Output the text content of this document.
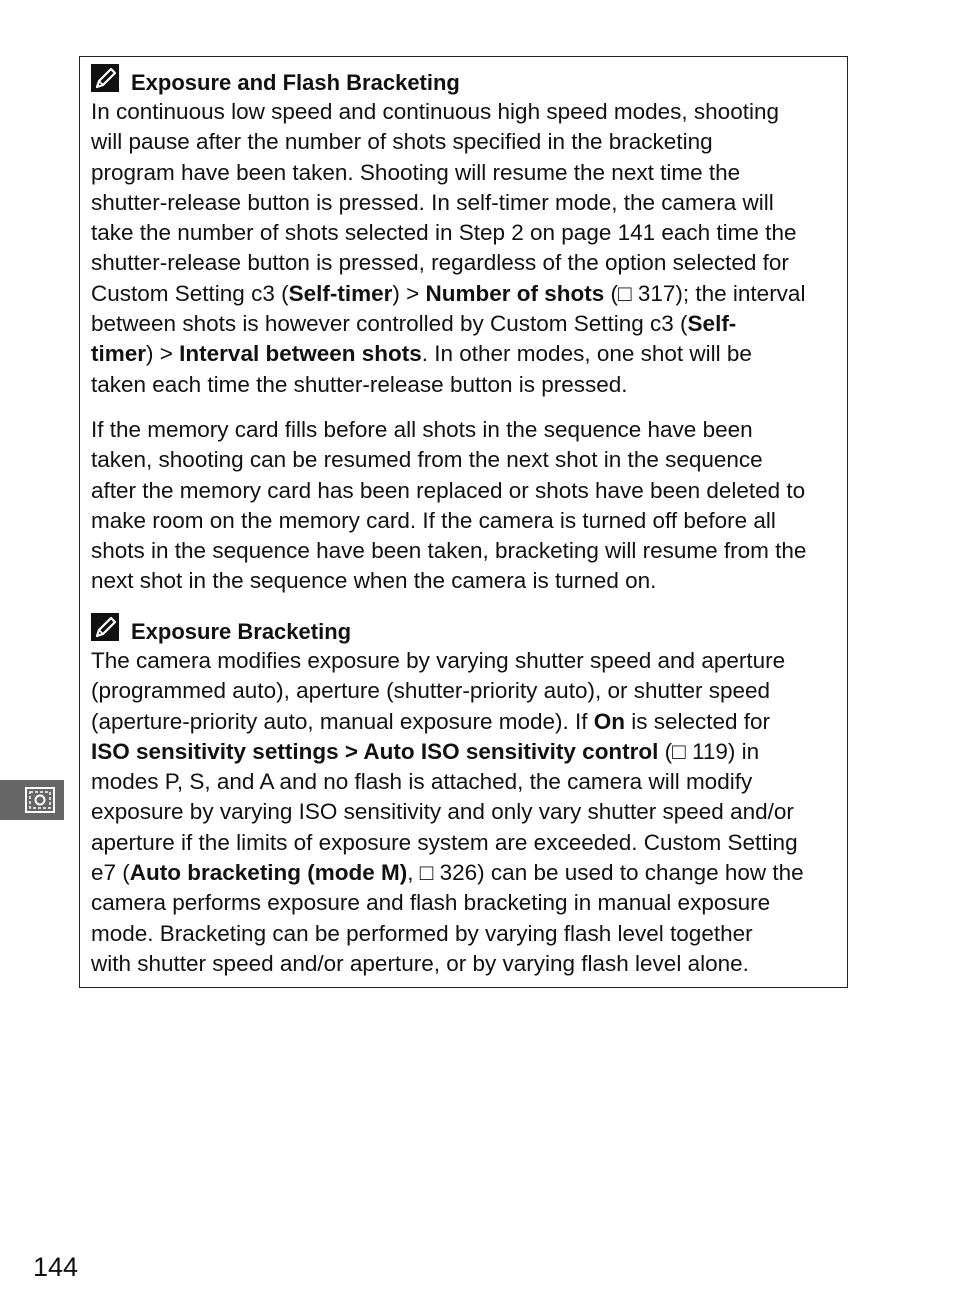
Exposure and Flash Bracketing

In continuous low speed and continuous high speed modes, shooting
will pause after the number of shots specified in the bracketing
program have been taken. Shooting will resume the next time the
shutter-release button is pressed. In self-timer mode, the camera will
take the number of shots selected in Step 2 on page 141 each time the
shutter-release button is pressed, regardless of the option selected for
Custom Setting c3 (Self-timer) > Number of shots (□ 317); the interval
between shots is however controlled by Custom Setting c3 (Self-
timer) > Interval between shots. In other modes, one shot will be
taken each time the shutter-release button is pressed.

If the memory card fills before all shots in the sequence have been
taken, shooting can be resumed from the next shot in the sequence
after the memory card has been replaced or shots have been deleted to
make room on the memory card. If the camera is turned off before all
shots in the sequence have been taken, bracketing will resume from the
next shot in the sequence when the camera is turned on.

Exposure Bracketing

The camera modifies exposure by varying shutter speed and aperture
(programmed auto), aperture (shutter-priority auto), or shutter speed
(aperture-priority auto, manual exposure mode). If On is selected for
ISO sensitivity settings > Auto ISO sensitivity control (□ 119) in
modes P, S, and A and no flash is attached, the camera will modify
exposure by varying ISO sensitivity and only vary shutter speed and/or
aperture if the limits of exposure system are exceeded. Custom Setting
e7 (Auto bracketing (mode M), □ 326) can be used to change how the
camera performs exposure and flash bracketing in manual exposure
mode. Bracketing can be performed by varying flash level together
with shutter speed and/or aperture, or by varying flash level alone.

144
